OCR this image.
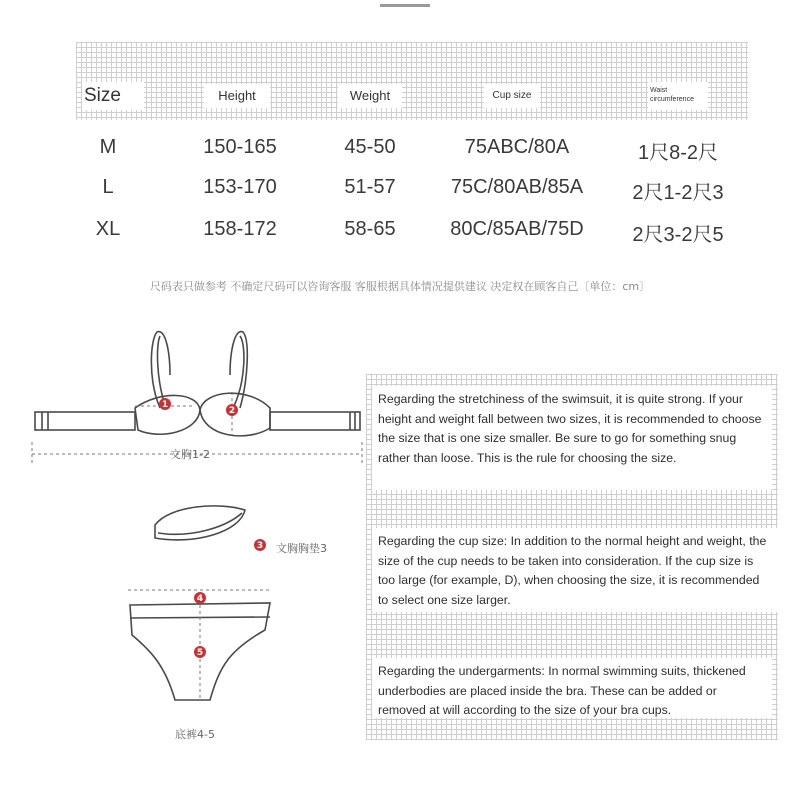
Size	Height	Weight	Cup size	Waist circumference
M	150-165	45-50	75ABC/80A	1尺8-2尺
L	153-170	51-57	75C/80AB/85A	2尺1-2尺3
XL	158-172	58-65	80C/85AB/75D	2尺3-2尺5
尺码表只做参考 不确定尺码可以咨询客服 客服根据具体情况提供建议 决定权在顾客自己〔单位：cm〕
1
2
3
4
5
文胸1-2
文胸胸垫3
底裤4-5
Regarding the stretchiness of the swimsuit, it is quite strong. If your height and weight fall between two sizes, it is recommended to choose the size that is one size smaller. Be sure to go for something snug rather than loose. This is the rule for choosing the size.
Regarding the cup size: In addition to the normal height and weight, the size of the cup needs to be taken into consideration. If the cup size is too large (for example, D), when choosing the size, it is recommended to select one size larger.
Regarding the undergarments: In normal swimming suits, thickened underbodies are placed inside the bra. These can be added or removed at will according to the size of your bra cups.
